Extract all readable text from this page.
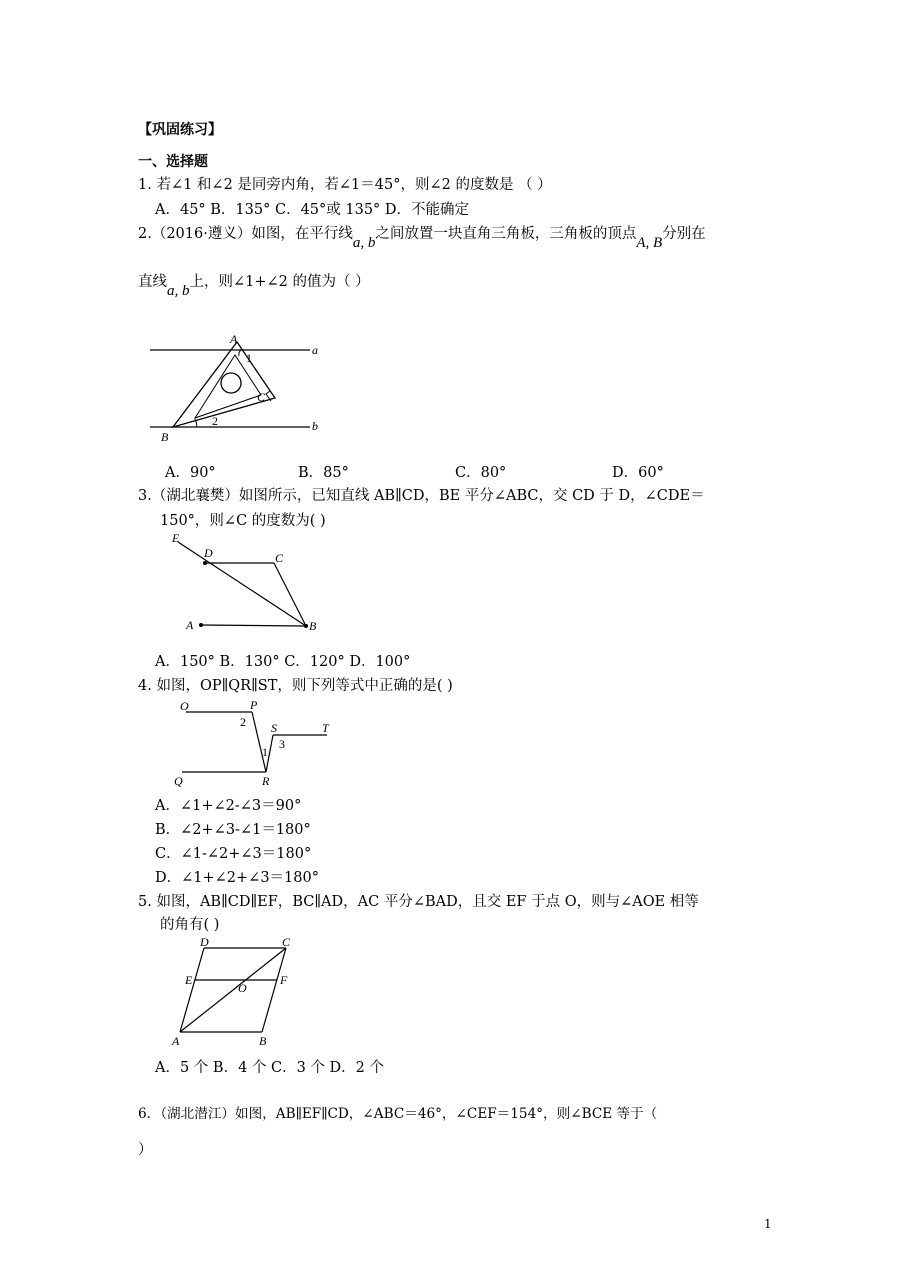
【巩固练习】
一、选择题
1. 若∠1 和∠2 是同旁内角，若∠1＝45°，则∠2 的度数是 （ ）
A．45° B．135° C．45°或 135° D．不能确定
2.（2016·遵义）如图，在平行线a, b之间放置一块直角三角板，三角板的顶点A, B分别在
直线a, b上，则∠1+∠2 的值为（ ）
A
1
C
2
B
a
b
A．90°	B．85°	C．80°	D．60°
3.（湖北襄樊）如图所示，已知直线 AB∥CD，BE 平分∠ABC，交 CD 于 D，∠CDE＝
150°，则∠C 的度数为( )
E
D	C
A	B
A．150° B．130° C．120° D．100°
4. 如图，OP∥QR∥ST，则下列等式中正确的是( )
O	P
2 S	T
1
3
Q	R
A．∠1+∠2-∠3＝90°
B．∠2+∠3-∠1＝180°
C．∠1-∠2+∠3＝180°
D．∠1+∠2+∠3＝180°
5. 如图，AB∥CD∥EF，BC∥AD，AC 平分∠BAD，且交 EF 于点 O，则与∠AOE 相等
的角有( )
D	C
E
O
F
A	B
A．5 个 B．4 个 C．3 个 D．2 个
6．（湖北潜江）如图，AB∥EF∥CD，∠ABC＝46°，∠CEF＝154°，则∠BCE 等于（
）
1
